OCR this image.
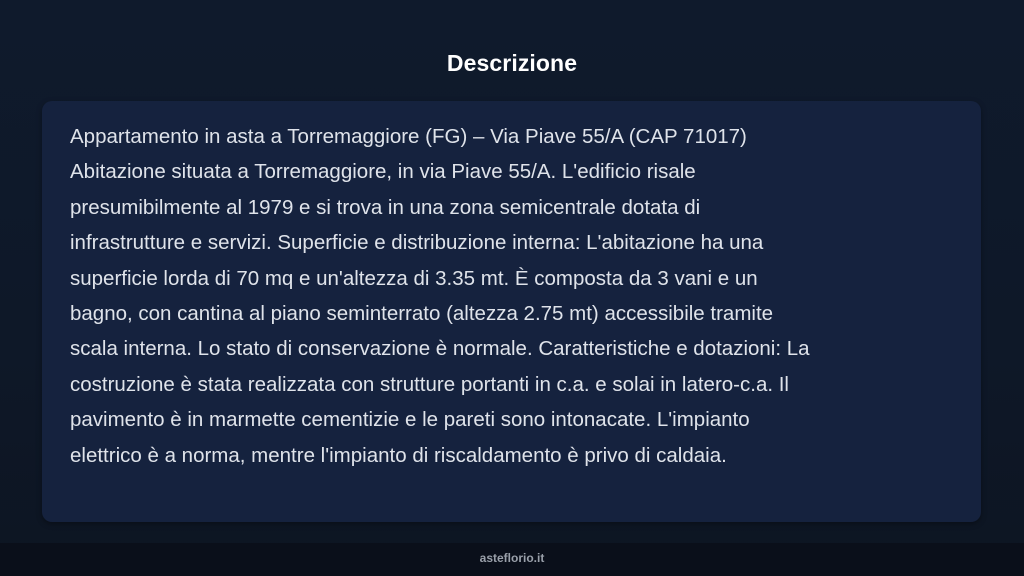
Descrizione

Appartamento in asta a Torremaggiore (FG) – Via Piave 55/A (CAP 71017)
Abitazione situata a Torremaggiore, in via Piave 55/A. L'edificio risale
presumibilmente al 1979 e si trova in una zona semicentrale dotata di
infrastrutture e servizi. Superficie e distribuzione interna: L'abitazione ha una
superficie lorda di 70 mq e un'altezza di 3.35 mt. È composta da 3 vani e un
bagno, con cantina al piano seminterrato (altezza 2.75 mt) accessibile tramite
scala interna. Lo stato di conservazione è normale. Caratteristiche e dotazioni: La
costruzione è stata realizzata con strutture portanti in c.a. e solai in latero-c.a. Il
pavimento è in marmette cementizie e le pareti sono intonacate. L'impianto
elettrico è a norma, mentre l'impianto di riscaldamento è privo di caldaia.

asteflorio.it
